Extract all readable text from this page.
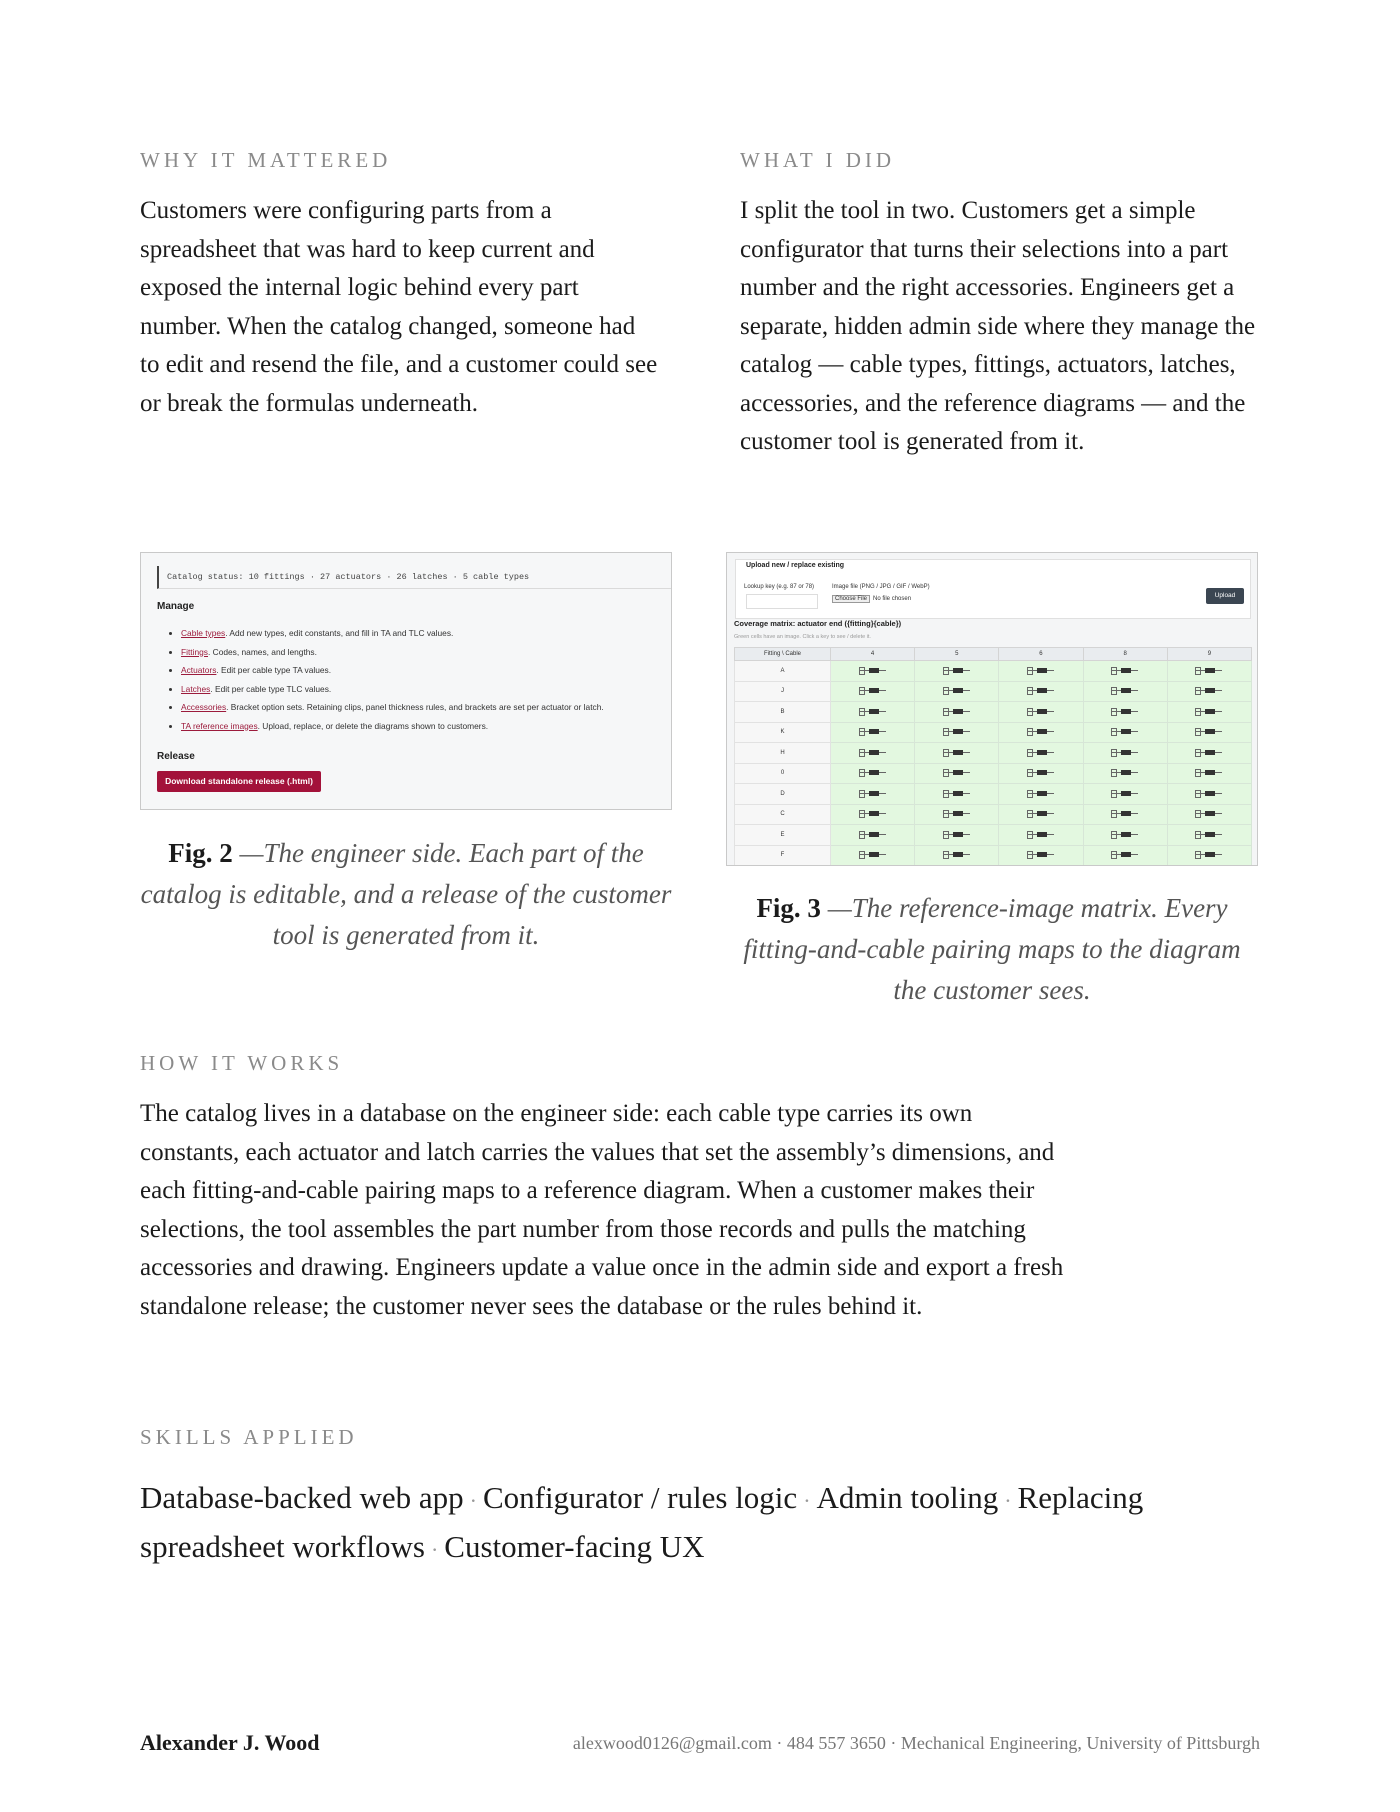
WHY IT MATTERED

Customers were configuring parts from a spreadsheet that was hard to keep current and exposed the internal logic behind every part number. When the catalog changed, someone had to edit and resend the file, and a customer could see or break the formulas underneath.

WHAT I DID

I split the tool in two. Customers get a simple configurator that turns their selections into a part number and the right accessories. Engineers get a separate, hidden admin side where they manage the catalog — cable types, fittings, actuators, latches, accessories, and the reference diagrams — and the customer tool is generated from it.

Catalog status: 10 fittings · 27 actuators · 26 latches · 5 cable types
Manage
• Cable types. Add new types, edit constants, and fill in TA and TLC values.
• Fittings. Codes, names, and lengths.
• Actuators. Edit per cable type TA values.
• Latches. Edit per cable type TLC values.
• Accessories. Bracket option sets. Retaining clips, panel thickness rules, and brackets are set per actuator or latch.
• TA reference images. Upload, replace, or delete the diagrams shown to customers.
Release
Download standalone release (.html)
Fig. 2 —The engineer side. Each part of the catalog is editable, and a release of the customer tool is generated from it.
Upload new / replace existing
Lookup key (e.g. 87 or 78)	Image file (PNG / JPG / GIF / WebP)
Choose File No file chosen	Upload
Coverage matrix: actuator end ({fitting}{cable})
Green cells have an image. Click a key to see / delete it.
Fitting \ Cable	4	5	6	8	9
A	

J	

B	

K	

H	

0	

D	

C	

E	

F	

Fig. 3 —The reference-image matrix. Every fitting-and-cable pairing maps to the diagram the customer sees.
HOW IT WORKS

The catalog lives in a database on the engineer side: each cable type carries its own constants, each actuator and latch carries the values that set the assembly’s dimensions, and each fitting-and-cable pairing maps to a reference diagram. When a customer makes their selections, the tool assembles the part number from those records and pulls the matching accessories and drawing. Engineers update a value once in the admin side and export a fresh standalone release; the customer never sees the database or the rules behind it.

SKILLS APPLIED

Database-backed web app · Configurator / rules logic · Admin tooling · Replacing spreadsheet workflows · Customer-facing UX

Alexander J. Wood	alexwood0126@gmail.com · 484 557 3650 · Mechanical Engineering, University of Pittsburgh
